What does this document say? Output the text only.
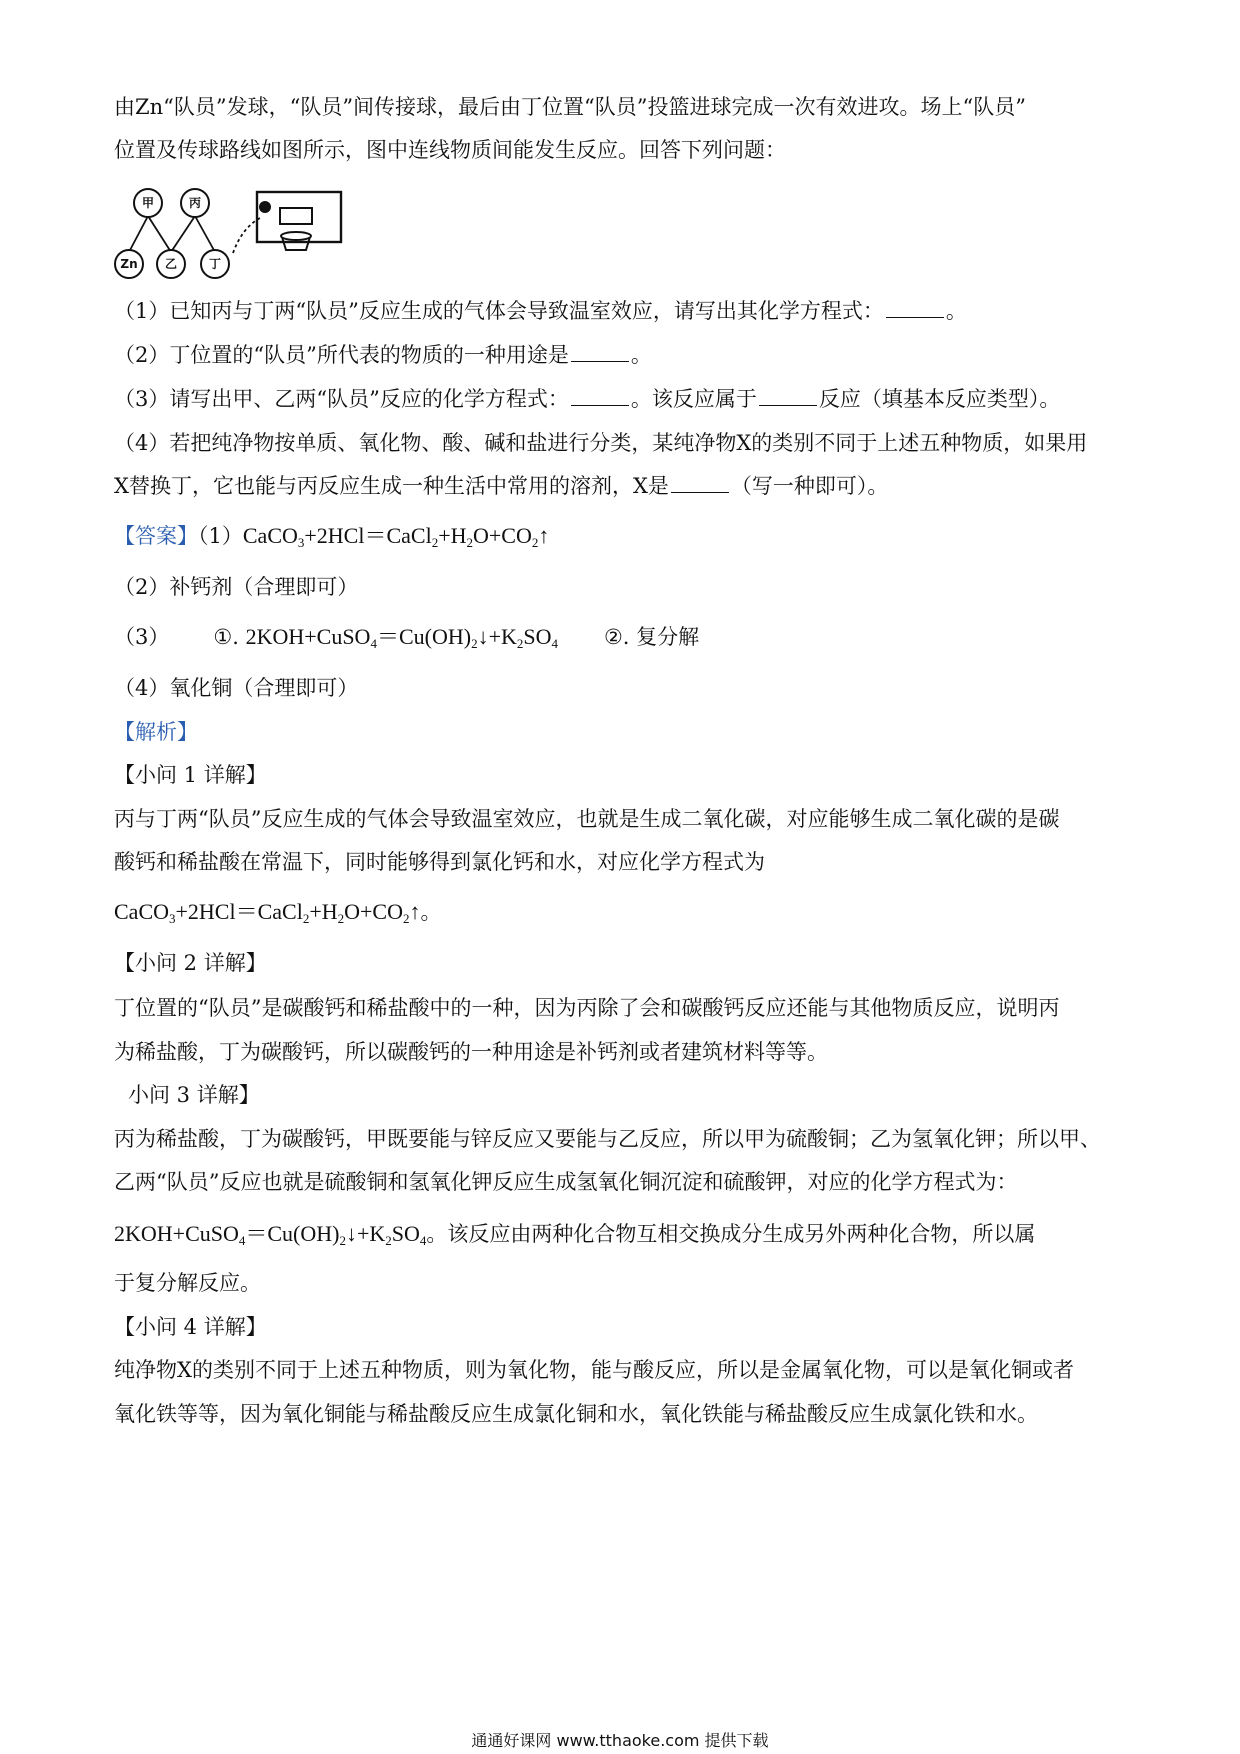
由Zn“队员”发球，“队员”间传接球，最后由丁位置“队员”投篮进球完成一次有效进攻。场上“队员”
位置及传球路线如图所示，图中连线物质间能发生反应。回答下列问题：
甲	丙
Zn 乙	丁
（1）已知丙与丁两“队员”反应生成的气体会导致温室效应，请写出其化学方程式：	。
（2）丁位置的“队员”所代表的物质的一种用途是	。
（3）请写出甲、乙两“队员”反应的化学方程式：	。该反应属于	反应（填基本反应类型）。
（4）若把纯净物按单质、氧化物、酸、碱和盐进行分类，某纯净物X的类别不同于上述五种物质，如果用
X替换丁，它也能与丙反应生成一种生活中常用的溶剂，X是	（写一种即可）。
【答案】$(1)CaCO_3+2HCl=CaCl_2+H_2O+CO_2↑$
（2）补钙剂（合理即可）
（3） ①. $2KOH+CuSO_4=Cu(OH)_2↓+K_2SO_4$ ②. 复分解
（4）氧化铜（合理即可）
【解析】
【小问 1 详解】
丙与丁两“队员”反应生成的气体会导致温室效应，也就是生成二氧化碳，对应能够生成二氧化碳的是碳
酸钙和稀盐酸在常温下，同时能够得到氯化钙和水，对应化学方程式为
$CaCO_3+2HCl=CaCl_2+H_2O+CO_2↑$。
【小问 2 详解】
丁位置的“队员”是碳酸钙和稀盐酸中的一种，因为丙除了会和碳酸钙反应还能与其他物质反应，说明丙
为稀盐酸，丁为碳酸钙，所以碳酸钙的一种用途是补钙剂或者建筑材料等等。
小问 3 详解】
丙为稀盐酸，丁为碳酸钙，甲既要能与锌反应又要能与乙反应，所以甲为硫酸铜；乙为氢氧化钾；所以甲、
乙两“队员”反应也就是硫酸铜和氢氧化钾反应生成氢氧化铜沉淀和硫酸钾，对应的化学方程式为：
$2KOH+CuSO_4=Cu(OH)_2↓+K_2SO_4$。该反应由两种化合物互相交换成分生成另外两种化合物，所以属
于复分解反应。
【小问 4 详解】
纯净物X的类别不同于上述五种物质，则为氧化物，能与酸反应，所以是金属氧化物，可以是氧化铜或者
氧化铁等等，因为氧化铜能与稀盐酸反应生成氯化铜和水，氧化铁能与稀盐酸反应生成氯化铁和水。
通通好课网 www.tthaoke.com 提供下载
